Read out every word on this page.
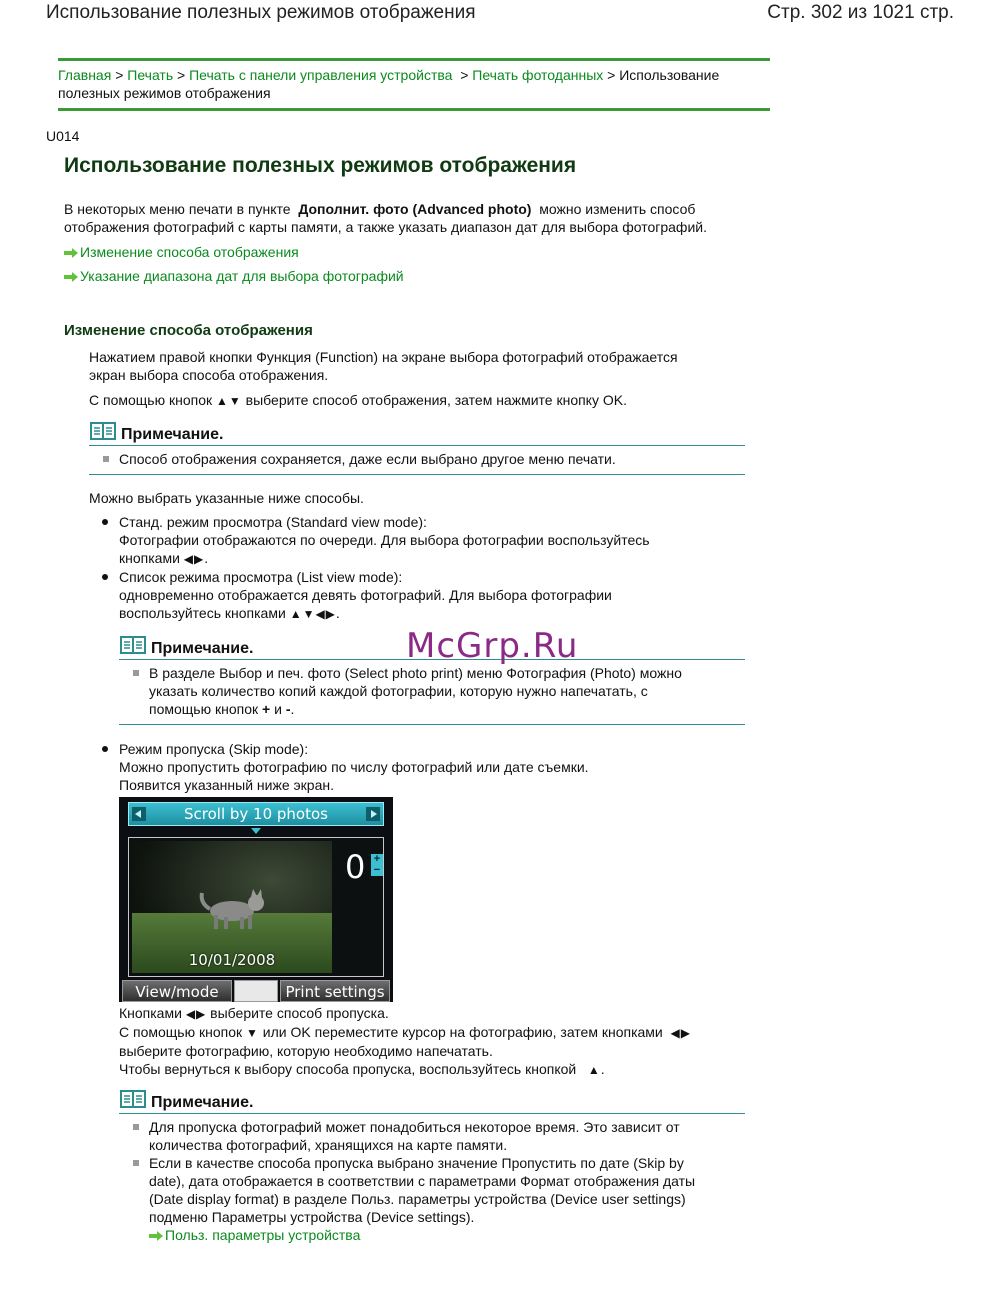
Использование полезных режимов отображения	Стр. 302 из 1021 стр.
Главная > Печать > Печать с панели управления устройства > Печать фотоданных > Использование полезных режимов отображения
U014
Использование полезных режимов отображения
В некоторых меню печати в пункте Дополнит. фото (Advanced photo) можно изменить способ
отображения фотографий с карты памяти, а также указать диапазон дат для выбора фотографий.
Изменение способа отображения
Указание диапазона дат для выбора фотографий
Изменение способа отображения
Нажатием правой кнопки Функция (Function) на экране выбора фотографий отображается
экран выбора способа отображения.
С помощью кнопок ▲▼ выберите способ отображения, затем нажмите кнопку OK.
Примечание.
Способ отображения сохраняется, даже если выбрано другое меню печати.
Можно выбрать указанные ниже способы.
Станд. режим просмотра (Standard view mode):
Фотографии отображаются по очереди. Для выбора фотографии воспользуйтесь
кнопками ◀▶.
Список режима просмотра (List view mode):
одновременно отображается девять фотографий. Для выбора фотографии
воспользуйтесь кнопками ▲▼◀▶.
Примечание.
В разделе Выбор и печ. фото (Select photo print) меню Фотография (Photo) можно
указать количество копий каждой фотографии, которую нужно напечатать, с
помощью кнопок + и -.
Режим пропуска (Skip mode):
Можно пропустить фотографию по числу фотографий или дате съемки.
Появится указанный ниже экран.
Scroll by 10 photos
10/01/2008
0 +
−
View/mode	Print settings
Кнопками ◀▶ выберите способ пропуска.
С помощью кнопок ▼ или OK переместите курсор на фотографию, затем кнопками ◀▶
выберите фотографию, которую необходимо напечатать.
Чтобы вернуться к выбору способа пропуска, воспользуйтесь кнопкой ▲.
Примечание.
Для пропуска фотографий может понадобиться некоторое время. Это зависит от
количества фотографий, хранящихся на карте памяти.
Если в качестве способа пропуска выбрано значение Пропустить по дате (Skip by
date), дата отображается в соответствии с параметрами Формат отображения даты
(Date display format) в разделе Польз. параметры устройства (Device user settings)
подменю Параметры устройства (Device settings).
Польз. параметры устройства
McGrp.Ru
